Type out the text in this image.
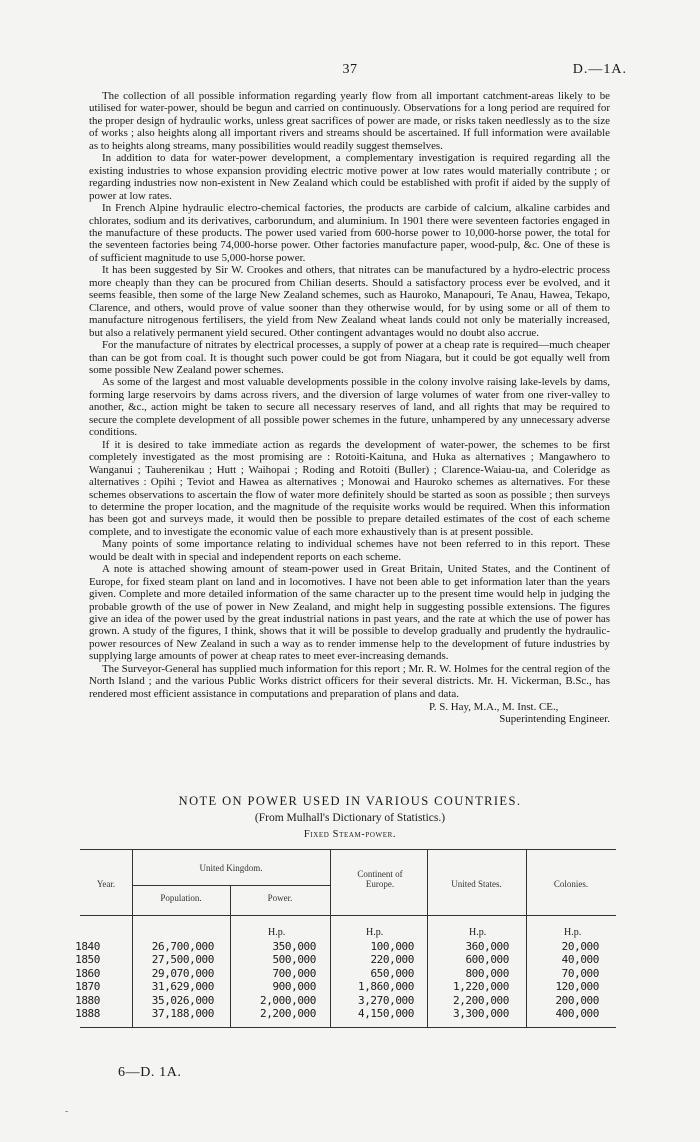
37	D.—1A.

The collection of all possible information regarding yearly flow from all important catchment-areas likely to be utilised for water-power, should be begun and carried on continuously. Observations for a long period are required for the proper design of hydraulic works, unless great sacrifices of power are made, or risks taken needlessly as to the size of works ; also heights along all important rivers and streams should be ascertained. If full information were available as to heights along streams, many possibilities would readily suggest themselves.

In addition to data for water-power development, a complementary investigation is required regarding all the existing industries to whose expansion providing electric motive power at low rates would materially contribute ; or regarding industries now non-existent in New Zealand which could be established with profit if aided by the supply of power at low rates.

In French Alpine hydraulic electro-chemical factories, the products are carbide of calcium, alkaline carbides and chlorates, sodium and its derivatives, carborundum, and aluminium. In 1901 there were seventeen factories engaged in the manufacture of these products. The power used varied from 600-horse power to 10,000-horse power, the total for the seventeen factories being 74,000-horse power. Other factories manufacture paper, wood-pulp, &c. One of these is of sufficient magnitude to use 5,000-horse power.

It has been suggested by Sir W. Crookes and others, that nitrates can be manufactured by a hydro-electric process more cheaply than they can be procured from Chilian deserts. Should a satisfactory process ever be evolved, and it seems feasible, then some of the large New Zealand schemes, such as Hauroko, Manapouri, Te Anau, Hawea, Tekapo, Clarence, and others, would prove of value sooner than they otherwise would, for by using some or all of them to manufacture nitrogenous fertilisers, the yield from New Zealand wheat lands could not only be materially increased, but also a relatively permanent yield secured. Other contingent advantages would no doubt also accrue.

For the manufacture of nitrates by electrical processes, a supply of power at a cheap rate is required—much cheaper than can be got from coal. It is thought such power could be got from Niagara, but it could be got equally well from some possible New Zealand power schemes.

As some of the largest and most valuable developments possible in the colony involve raising lake-levels by dams, forming large reservoirs by dams across rivers, and the diversion of large volumes of water from one river-valley to another, &c., action might be taken to secure all necessary reserves of land, and all rights that may be required to secure the complete development of all possible power schemes in the future, unhampered by any unnecessary adverse conditions.

If it is desired to take immediate action as regards the development of water-power, the schemes to be first completely investigated as the most promising are : Rotoiti-Kaituna, and Huka as alternatives ; Mangawhero to Wanganui ; Tauherenikau ; Hutt ; Waihopai ; Roding and Rotoiti (Buller) ; Clarence-Waiau-ua, and Coleridge as alternatives : Opihi ; Teviot and Hawea as alternatives ; Monowai and Hauroko schemes as alternatives. For these schemes observations to ascertain the flow of water more definitely should be started as soon as possible ; then surveys to determine the proper location, and the magnitude of the requisite works would be required. When this information has been got and surveys made, it would then be possible to prepare detailed estimates of the cost of each scheme complete, and to investigate the economic value of each more exhaustively than is at present possible.

Many points of some importance relating to individual schemes have not been referred to in this report. These would be dealt with in special and independent reports on each scheme.

A note is attached showing amount of steam-power used in Great Britain, United States, and the Continent of Europe, for fixed steam plant on land and in locomotives. I have not been able to get information later than the years given. Complete and more detailed information of the same character up to the present time would help in judging the probable growth of the use of power in New Zealand, and might help in suggesting possible extensions. The figures give an idea of the power used by the great industrial nations in past years, and the rate at which the use of power has grown. A study of the figures, I think, shows that it will be possible to develop gradually and prudently the hydraulic-power resources of New Zealand in such a way as to render immense help to the development of future industries by supplying large amounts of power at cheap rates to meet ever-increasing demands.

The Surveyor-General has supplied much information for this report ; Mr. R. W. Holmes for the central region of the North Island ; and the various Public Works district officers for their several districts. Mr. H. Vickerman, B.Sc., has rendered most efficient assistance in computations and preparation of plans and data.

P. S. Hay, M.A., M. Inst. CE.,
Superintending Engineer.
NOTE ON POWER USED IN VARIOUS COUNTRIES.
(From Mulhall's Dictionary of Statistics.)
Fixed Steam-power.
Year.
United Kingdom.
Population.	Power.
Continent of Europe.	United States.	Colonies.
H.p.	H.p.	H.p.	H.p.
1840	26,700,000	350,000	100,000	360,000	20,000
1850	27,500,000	500,000	220,000	600,000	40,000
1860	29,070,000	700,000	650,000	800,000	70,000
1870	31,629,000	900,000	1,860,000	1,220,000	120,000
1880	35,026,000	2,000,000	3,270,000	2,200,000	200,000
1888	37,188,000	2,200,000	4,150,000	3,300,000	400,000
6—D. 1A.
-
